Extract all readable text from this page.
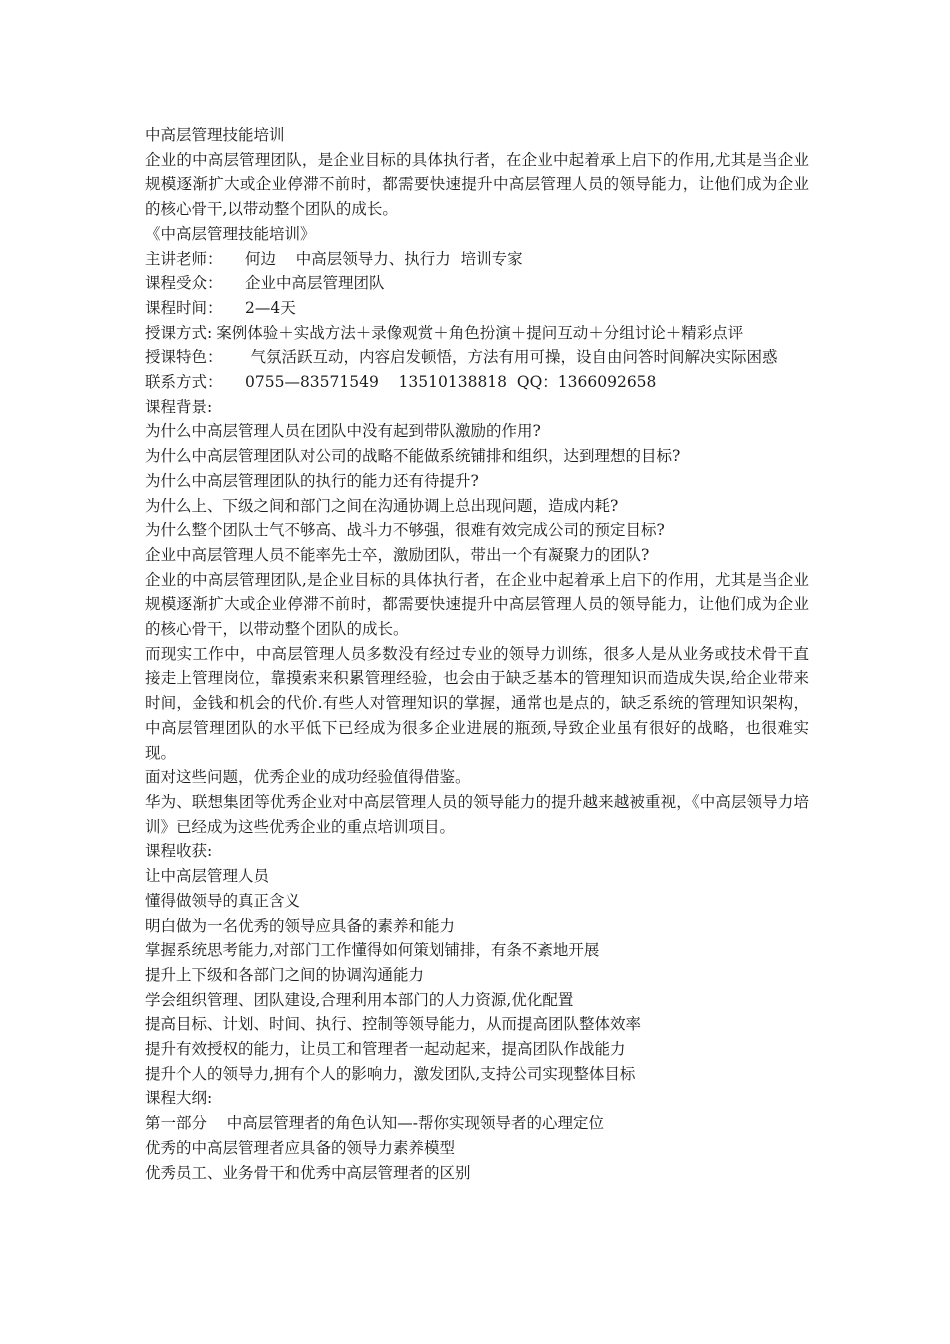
中高层管理技能培训

企业的中高层管理团队，是企业目标的具体执行者，在企业中起着承上启下的作用,尤其是当企业规模逐渐扩大或企业停滞不前时，都需要快速提升中高层管理人员的领导能力，让他们成为企业的核心骨干,以带动整个团队的成长。

《中高层管理技能培训》

主讲老师：	何边    中高层领导力、执行力  培训专家
课程受众：	企业中高层管理团队
课程时间：	2—4天
授课方式: 案例体验＋实战方法＋录像观赏＋角色扮演＋提问互动＋分组讨论＋精彩点评
授课特色： 气氛活跃互动，内容启发顿悟，方法有用可操，设自由问答时间解决实际困惑
联系方式：	0755—83571549    13510138818  QQ：1366092658

课程背景:

为什么中高层管理人员在团队中没有起到带队激励的作用?

为什么中高层管理团队对公司的战略不能做系统铺排和组织，达到理想的目标?

为什么中高层管理团队的执行的能力还有待提升?

为什么上、下级之间和部门之间在沟通协调上总出现问题，造成内耗?

为什么整个团队士气不够高、战斗力不够强，很难有效完成公司的预定目标?

企业中高层管理人员不能率先士卒，激励团队，带出一个有凝聚力的团队?

企业的中高层管理团队,是企业目标的具体执行者，在企业中起着承上启下的作用，尤其是当企业规模逐渐扩大或企业停滞不前时，都需要快速提升中高层管理人员的领导能力，让他们成为企业的核心骨干，以带动整个团队的成长。

而现实工作中，中高层管理人员多数没有经过专业的领导力训练，很多人是从业务或技术骨干直接走上管理岗位，靠摸索来积累管理经验，也会由于缺乏基本的管理知识而造成失误,给企业带来时间，金钱和机会的代价.有些人对管理知识的掌握，通常也是点的，缺乏系统的管理知识架构，中高层管理团队的水平低下已经成为很多企业进展的瓶颈,导致企业虽有很好的战略，也很难实现。

面对这些问题，优秀企业的成功经验值得借鉴。

华为、联想集团等优秀企业对中高层管理人员的领导能力的提升越来越被重视，《中高层领导力培训》已经成为这些优秀企业的重点培训项目。

课程收获:

让中高层管理人员

懂得做领导的真正含义

明白做为一名优秀的领导应具备的素养和能力

掌握系统思考能力,对部门工作懂得如何策划铺排，有条不紊地开展

提升上下级和各部门之间的协调沟通能力

学会组织管理、团队建设,合理利用本部门的人力资源,优化配置

提高目标、计划、时间、执行、控制等领导能力，从而提高团队整体效率

提升有效授权的能力，让员工和管理者一起动起来，提高团队作战能力

提升个人的领导力,拥有个人的影响力，激发团队,支持公司实现整体目标

课程大纲:

第一部分    中高层管理者的角色认知—-帮你实现领导者的心理定位

优秀的中高层管理者应具备的领导力素养模型

优秀员工、业务骨干和优秀中高层管理者的区别
